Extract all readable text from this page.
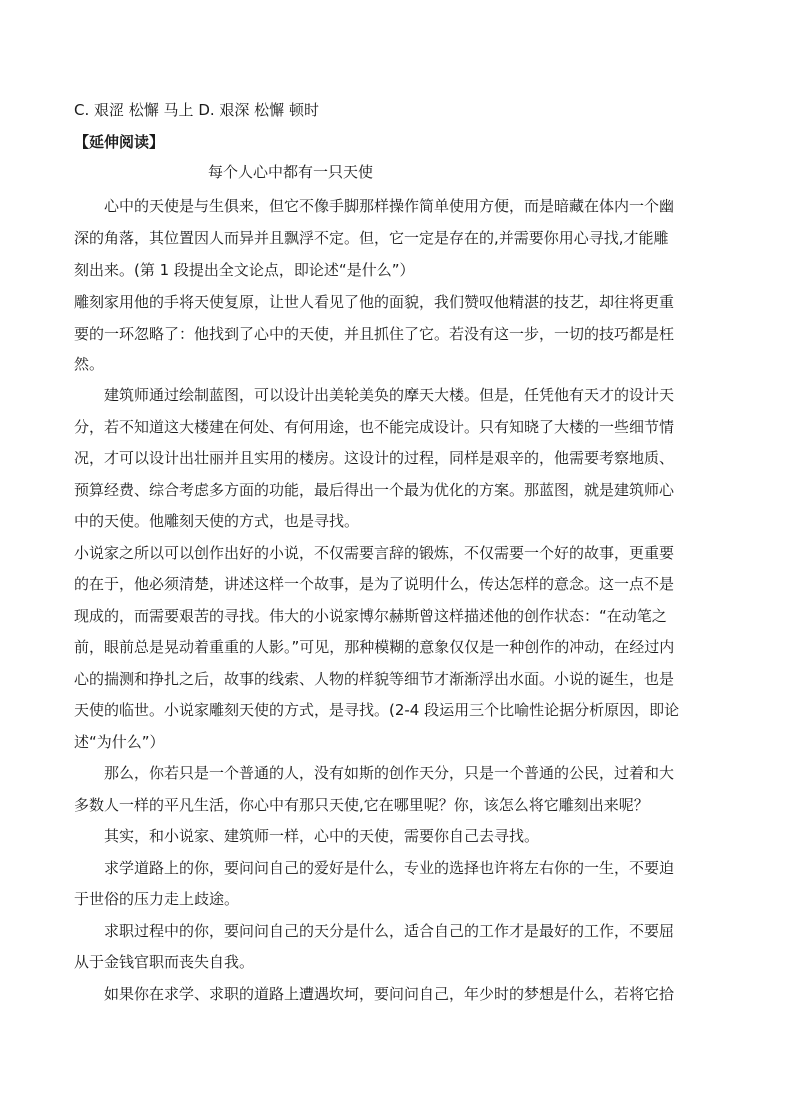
C. 艰涩 松懈 马上 D. 艰深 松懈 顿时
【延伸阅读】
每个人心中都有一只天使
心中的天使是与生俱来，但它不像手脚那样操作简单使用方便，而是暗藏在体内一个幽
深的角落，其位置因人而异并且飘浮不定。但，它一定是存在的,并需要你用心寻找,才能雕
刻出来。(第 1 段提出全文论点，即论述“是什么”）
雕刻家用他的手将天使复原，让世人看见了他的面貌，我们赞叹他精湛的技艺，却往将更重
要的一环忽略了：他找到了心中的天使，并且抓住了它。若没有这一步，一切的技巧都是枉
然。
建筑师通过绘制蓝图，可以设计出美轮美奂的摩天大楼。但是，任凭他有天才的设计天
分，若不知道这大楼建在何处、有何用途，也不能完成设计。只有知晓了大楼的一些细节情
况，才可以设计出壮丽并且实用的楼房。这设计的过程，同样是艰辛的，他需要考察地质、
预算经费、综合考虑多方面的功能，最后得出一个最为优化的方案。那蓝图，就是建筑师心
中的天使。他雕刻天使的方式，也是寻找。
小说家之所以可以创作出好的小说，不仅需要言辞的锻炼，不仅需要一个好的故事，更重要
的在于，他必须清楚，讲述这样一个故事，是为了说明什么，传达怎样的意念。这一点不是
现成的，而需要艰苦的寻找。伟大的小说家博尔赫斯曾这样描述他的创作状态：“在动笔之
前，眼前总是晃动着重重的人影。”可见，那种模糊的意象仅仅是一种创作的冲动，在经过内
心的揣测和挣扎之后，故事的线索、人物的样貌等细节才渐渐浮出水面。小说的诞生，也是
天使的临世。小说家雕刻天使的方式，是寻找。(2-4 段运用三个比喻性论据分析原因，即论
述“为什么”）
那么，你若只是一个普通的人，没有如斯的创作天分，只是一个普通的公民，过着和大
多数人一样的平凡生活，你心中有那只天使,它在哪里呢？你，该怎么将它雕刻出来呢？
其实，和小说家、建筑师一样，心中的天使，需要你自己去寻找。
求学道路上的你，要问问自己的爱好是什么，专业的选择也许将左右你的一生，不要迫
于世俗的压力走上歧途。
求职过程中的你，要问问自己的天分是什么，适合自己的工作才是最好的工作，不要屈
从于金钱官职而丧失自我。
如果你在求学、求职的道路上遭遇坎坷，要问问自己，年少时的梦想是什么，若将它拾
